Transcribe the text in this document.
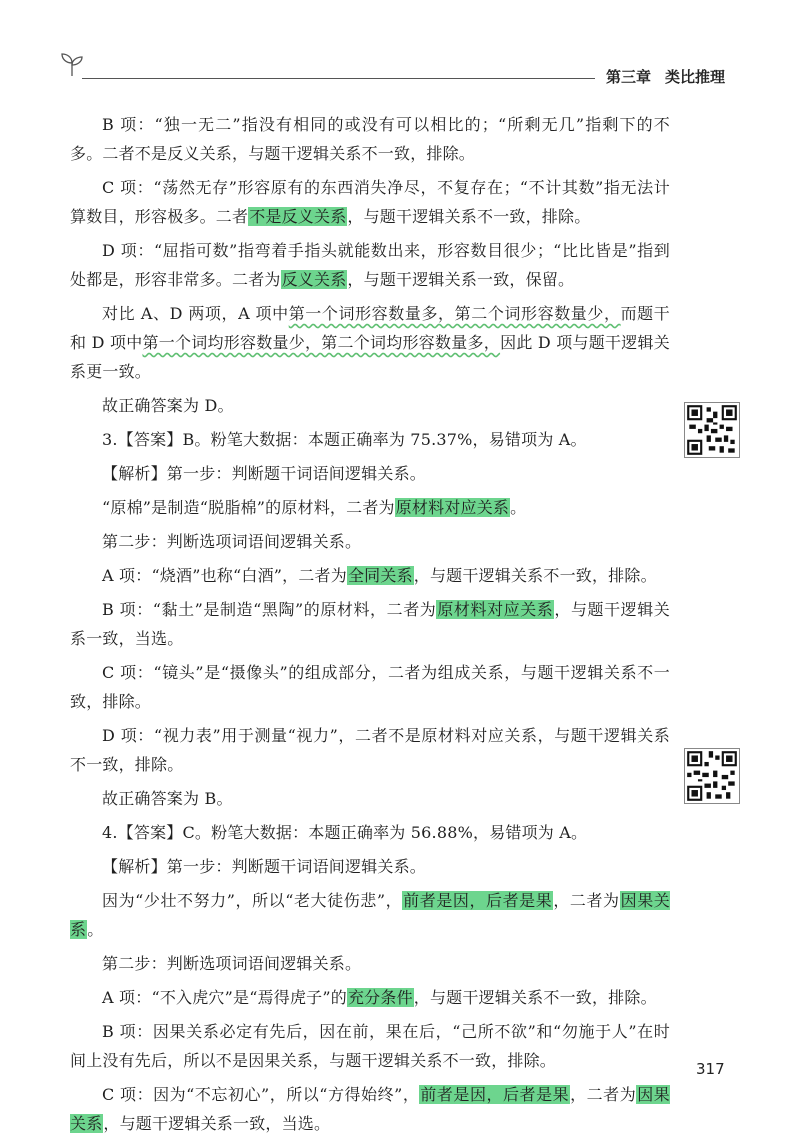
第三章 类比推理

B 项：“独一无二”指没有相同的或没有可以相比的；“所剩无几”指剩下的不多。二者不是反义关系，与题干逻辑关系不一致，排除。

C 项：“荡然无存”形容原有的东西消失净尽，不复存在；“不计其数”指无法计算数目，形容极多。二者不是反义关系，与题干逻辑关系不一致，排除。

D 项：“屈指可数”指弯着手指头就能数出来，形容数目很少；“比比皆是”指到处都是，形容非常多。二者为反义关系，与题干逻辑关系一致，保留。

对比 A、D 两项，A 项中第一个词形容数量多，第二个词形容数量少，而题干和 D 项中第一个词均形容数量少，第二个词均形容数量多，因此 D 项与题干逻辑关系更一致。

故正确答案为 D。

3.【答案】B。粉笔大数据：本题正确率为 75.37%，易错项为 A。

【解析】第一步：判断题干词语间逻辑关系。

“原棉”是制造“脱脂棉”的原材料，二者为原材料对应关系。

第二步：判断选项词语间逻辑关系。

A 项：“烧酒”也称“白酒”，二者为全同关系，与题干逻辑关系不一致，排除。

B 项：“黏土”是制造“黑陶”的原材料，二者为原材料对应关系，与题干逻辑关系一致，当选。

C 项：“镜头”是“摄像头”的组成部分，二者为组成关系，与题干逻辑关系不一致，排除。

D 项：“视力表”用于测量“视力”，二者不是原材料对应关系，与题干逻辑关系不一致，排除。

故正确答案为 B。

4.【答案】C。粉笔大数据：本题正确率为 56.88%，易错项为 A。

【解析】第一步：判断题干词语间逻辑关系。

因为“少壮不努力”，所以“老大徒伤悲”，前者是因，后者是果，二者为因果关系。

第二步：判断选项词语间逻辑关系。

A 项：“不入虎穴”是“焉得虎子”的充分条件，与题干逻辑关系不一致，排除。

B 项：因果关系必定有先后，因在前，果在后，“己所不欲”和“勿施于人”在时间上没有先后，所以不是因果关系，与题干逻辑关系不一致，排除。

C 项：因为“不忘初心”，所以“方得始终”，前者是因，后者是果，二者为因果关系，与题干逻辑关系一致，当选。

317
